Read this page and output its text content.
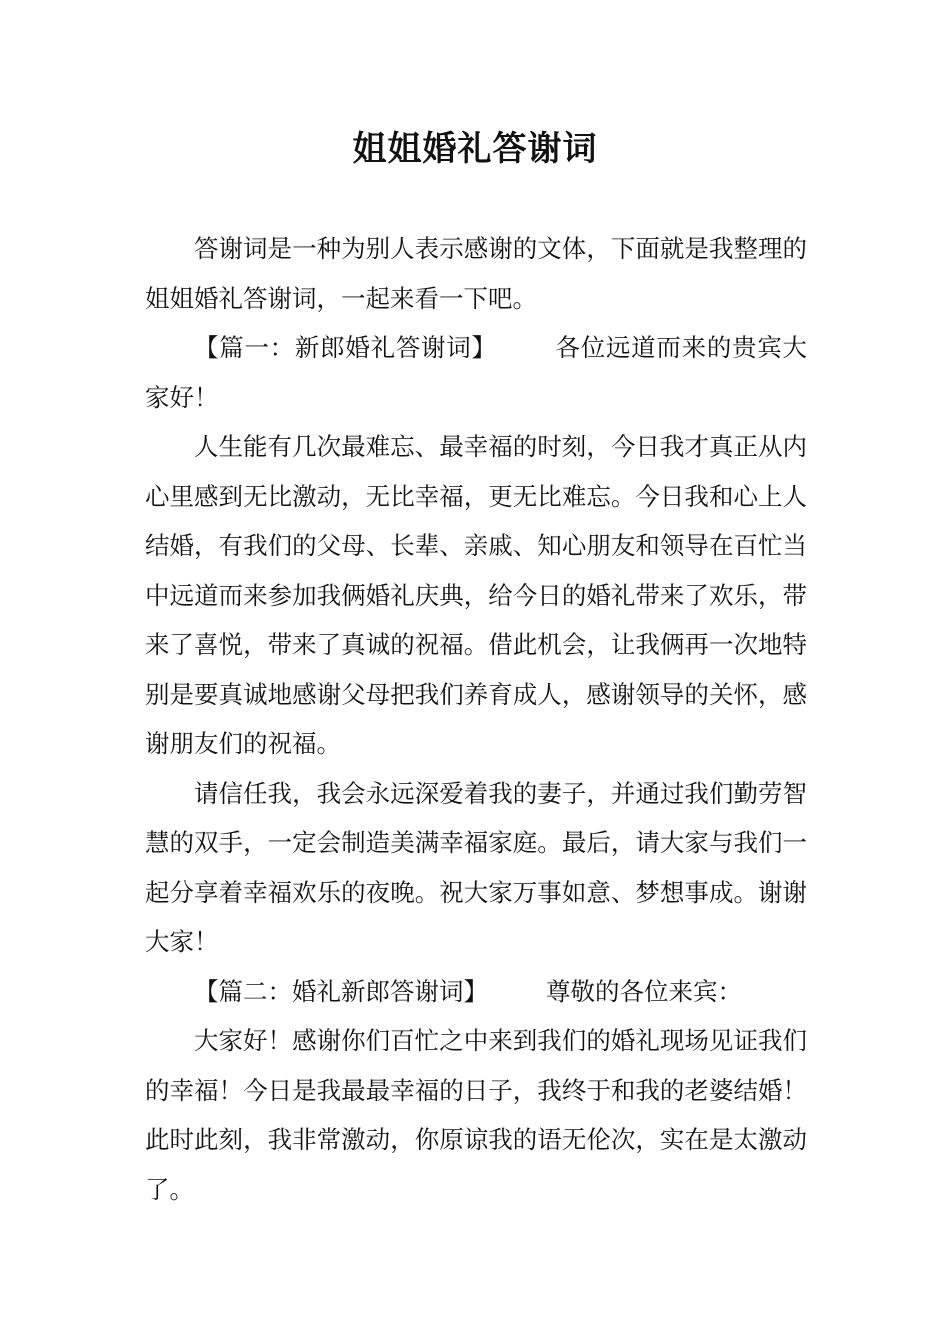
姐姐婚礼答谢词

答谢词是一种为别人表示感谢的文体，下面就是我整理的姐姐婚礼答谢词，一起来看一下吧。

【篇一：新郎婚礼答谢词】 各位远道而来的贵宾大家好！

人生能有几次最难忘、最幸福的时刻，今日我才真正从内心里感到无比激动，无比幸福，更无比难忘。今日我和心上人结婚，有我们的父母、长辈、亲戚、知心朋友和领导在百忙当中远道而来参加我俩婚礼庆典，给今日的婚礼带来了欢乐，带来了喜悦，带来了真诚的祝福。借此机会，让我俩再一次地特别是要真诚地感谢父母把我们养育成人，感谢领导的关怀，感谢朋友们的祝福。

请信任我，我会永远深爱着我的妻子，并通过我们勤劳智慧的双手，一定会制造美满幸福家庭。最后，请大家与我们一起分享着幸福欢乐的夜晚。祝大家万事如意、梦想事成。谢谢大家！

【篇二：婚礼新郎答谢词】 尊敬的各位来宾：

大家好！感谢你们百忙之中来到我们的婚礼现场见证我们的幸福！今日是我最最幸福的日子，我终于和我的老婆结婚！此时此刻，我非常激动，你原谅我的语无伦次，实在是太激动了。
